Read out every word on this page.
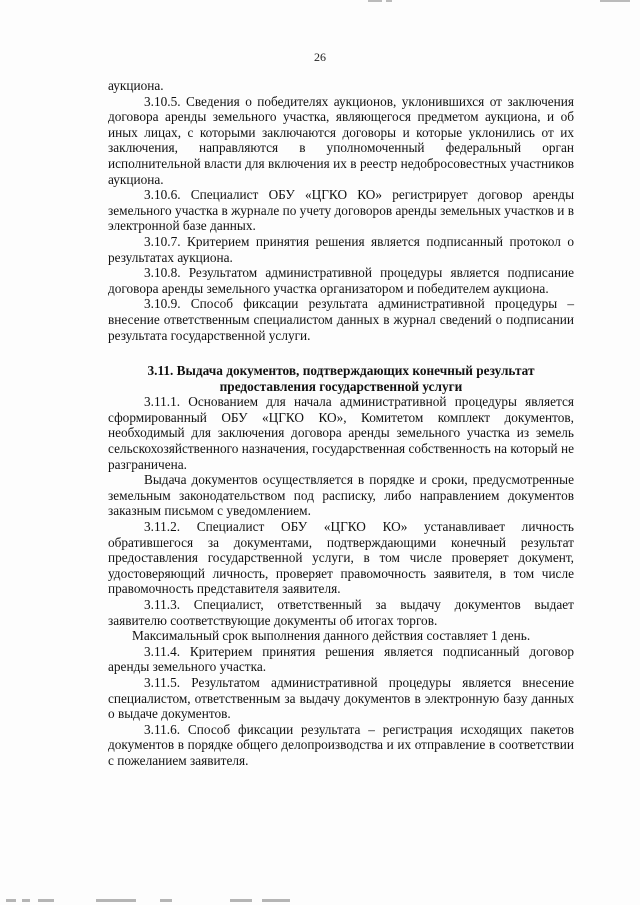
26

аукциона.

3.10.5. Сведения о победителях аукционов, уклонившихся от заключения договора аренды земельного участка, являющегося предметом аукциона, и об иных лицах, с которыми заключаются договоры и которые уклонились от их заключения, направляются в уполномоченный федеральный орган исполнительной власти для включения их в реестр недобросовестных участников аукциона.

3.10.6. Специалист ОБУ «ЦГКО КО» регистрирует договор аренды земельного участка в журнале по учету договоров аренды земельных участков и в электронной базе данных.

3.10.7. Критерием принятия решения является подписанный протокол о результатах аукциона.

3.10.8. Результатом административной процедуры является подписание договора аренды земельного участка организатором и победителем аукциона.

3.10.9. Способ фиксации результата административной процедуры – внесение ответственным специалистом данных в журнал сведений о подписании результата государственной услуги.

3.11. Выдача документов, подтверждающих конечный результат
предоставления государственной услуги

3.11.1. Основанием для начала административной процедуры является сформированный ОБУ «ЦГКО КО», Комитетом комплект документов, необходимый для заключения договора аренды земельного участка из земель сельскохозяйственного назначения, государственная собственность на который не разграничена.

Выдача документов осуществляется в порядке и сроки, предусмотренные земельным законодательством под расписку, либо направлением документов заказным письмом с уведомлением.

3.11.2. Специалист ОБУ «ЦГКО КО» устанавливает личность обратившегося за документами, подтверждающими конечный результат предоставления государственной услуги, в том числе проверяет документ, удостоверяющий личность, проверяет правомочность заявителя, в том числе правомочность представителя заявителя.

3.11.3. Специалист, ответственный за выдачу документов выдает заявителю соответствующие документы об итогах торгов.

Максимальный срок выполнения данного действия составляет 1 день.

3.11.4. Критерием принятия решения является подписанный договор аренды земельного участка.

3.11.5. Результатом административной процедуры является внесение специалистом, ответственным за выдачу документов в электронную базу данных о выдаче документов.

3.11.6. Способ фиксации результата – регистрация исходящих пакетов документов в порядке общего делопроизводства и их отправление в соответствии с пожеланием заявителя.
